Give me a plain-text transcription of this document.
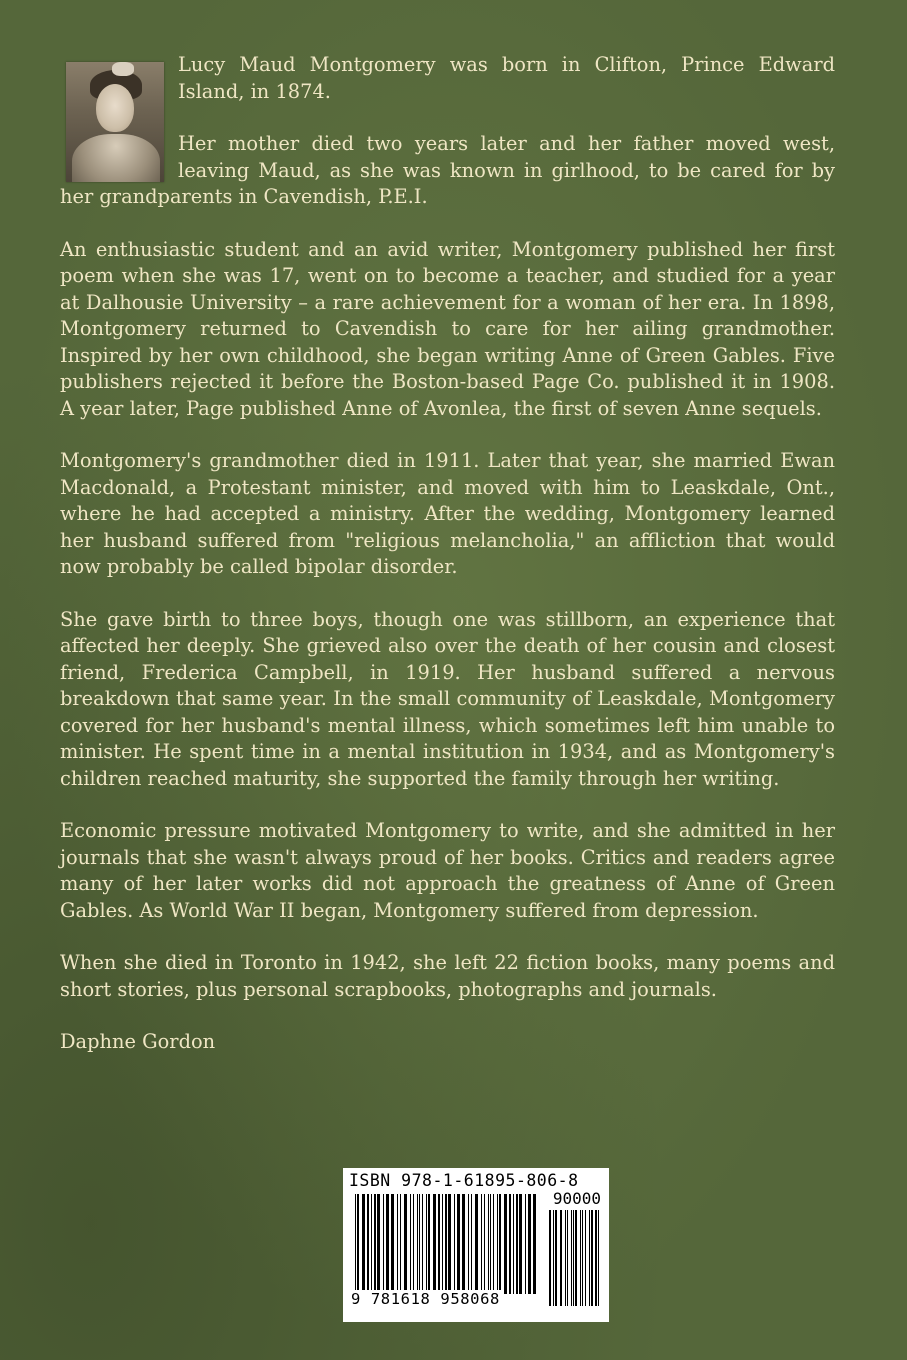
Lucy Maud Montgomery was born in Clifton, Prince Edward Island, in 1874.

Her mother died two years later and her father moved west, leaving Maud, as she was known in girlhood, to be cared for by her grandparents in Cavendish, P.E.I.

An enthusiastic student and an avid writer, Montgomery published her first poem when she was 17, went on to become a teacher, and studied for a year at Dalhousie University – a rare achievement for a woman of her era. In 1898, Montgomery returned to Cavendish to care for her ailing grandmother. Inspired by her own childhood, she began writing Anne of Green Gables. Five publishers rejected it before the Boston-based Page Co. published it in 1908. A year later, Page published Anne of Avonlea, the first of seven Anne sequels.

Montgomery's grandmother died in 1911. Later that year, she married Ewan Macdonald, a Protestant minister, and moved with him to Leaskdale, Ont., where he had accepted a ministry. After the wedding, Montgomery learned her husband suffered from "religious melancholia," an affliction that would now probably be called bipolar disorder.

She gave birth to three boys, though one was stillborn, an experience that affected her deeply. She grieved also over the death of her cousin and closest friend, Frederica Campbell, in 1919. Her husband suffered a nervous breakdown that same year. In the small community of Leaskdale, Montgomery covered for her husband's mental illness, which sometimes left him unable to minister. He spent time in a mental institution in 1934, and as Montgomery's children reached maturity, she supported the family through her writing.

Economic pressure motivated Montgomery to write, and she admitted in her journals that she wasn't always proud of her books. Critics and readers agree many of her later works did not approach the greatness of Anne of Green Gables. As World War II began, Montgomery suffered from depression.

When she died in Toronto in 1942, she left 22 fiction books, many poems and short stories, plus personal scrapbooks, photographs and journals.

Daphne Gordon

ISBN 978-1-61895-806-8
90000
9 781618 958068
